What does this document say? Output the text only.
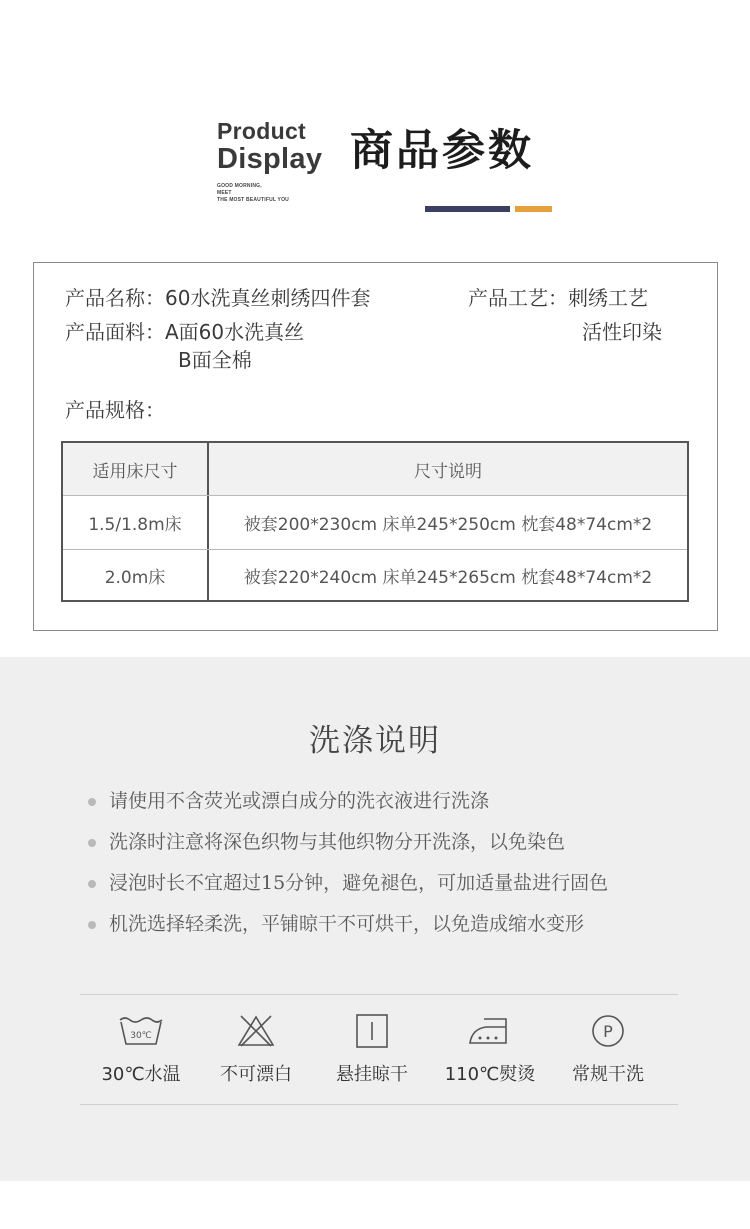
Product
Display
GOOD MORNING,
MEET
THE MOST BEAUTIFUL YOU
商品参数
产品名称：60水洗真丝刺绣四件套	产品工艺：刺绣工艺
活性印染
产品面料：A面60水洗真丝
B面全棉
产品规格：
适用床尺寸	尺寸说明
1.5/1.8m床	被套200*230cm 床单245*250cm 枕套48*74cm*2
2.0m床	被套220*240cm 床单245*265cm 枕套48*74cm*2
洗涤说明
请使用不含荧光或漂白成分的洗衣液进行洗涤
洗涤时注意将深色织物与其他织物分开洗涤，以免染色
浸泡时长不宜超过15分钟，避免褪色，可加适量盐进行固色
机洗选择轻柔洗，平铺晾干不可烘干，以免造成缩水变形
30℃
30℃水温	不可漂白	悬挂晾干	110℃熨烫
P
常规干洗
